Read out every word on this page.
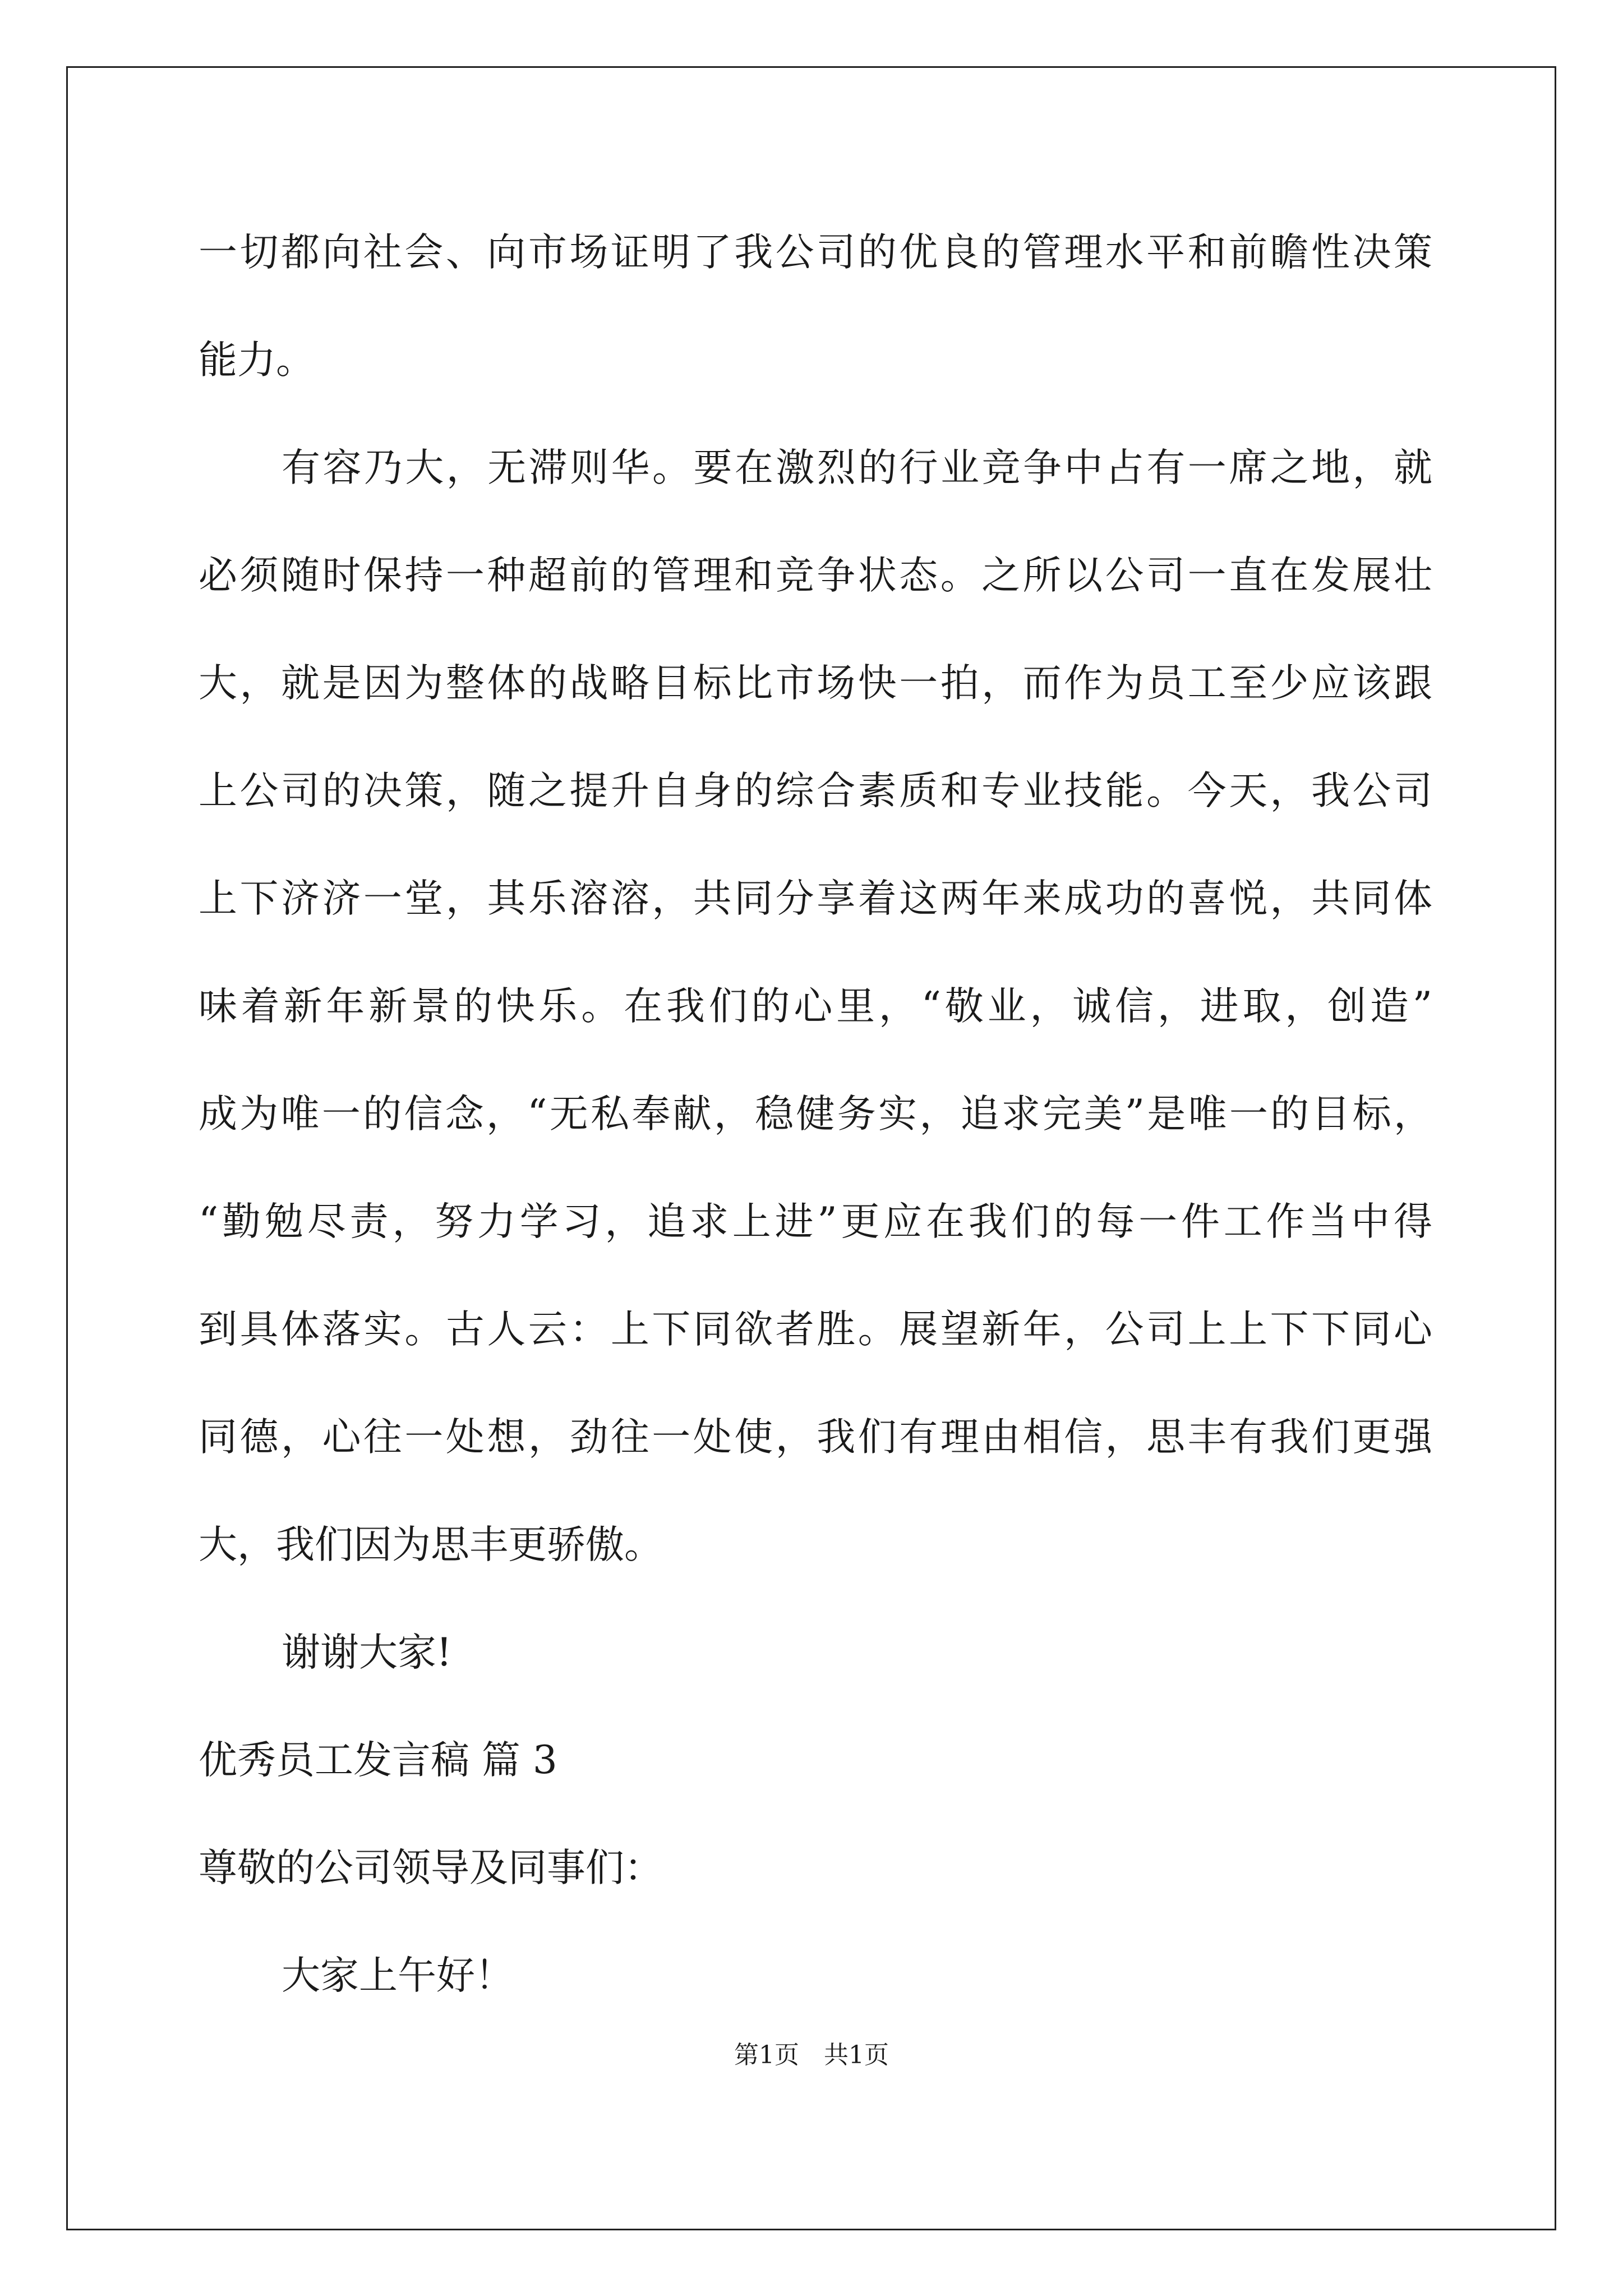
一切都向社会、向市场证明了我公司的优良的管理水平和前瞻性决策
能力。
有容乃大，无滞则华。要在激烈的行业竞争中占有一席之地，就
必须随时保持一种超前的管理和竞争状态。之所以公司一直在发展壮
大，就是因为整体的战略目标比市场快一拍，而作为员工至少应该跟
上公司的决策，随之提升自身的综合素质和专业技能。今天，我公司
上下济济一堂，其乐溶溶，共同分享着这两年来成功的喜悦，共同体
味着新年新景的快乐。在我们的心里，“敬业，诚信，进取，创造”
成为唯一的信念，“无私奉献，稳健务实，追求完美”是唯一的目标，
“勤勉尽责，努力学习，追求上进”更应在我们的每一件工作当中得
到具体落实。古人云：上下同欲者胜。展望新年，公司上上下下同心
同德，心往一处想，劲往一处使，我们有理由相信，思丰有我们更强
大，我们因为思丰更骄傲。
谢谢大家!
优秀员工发言稿 篇 3
尊敬的公司领导及同事们：
大家上午好！
第1页　共1页
